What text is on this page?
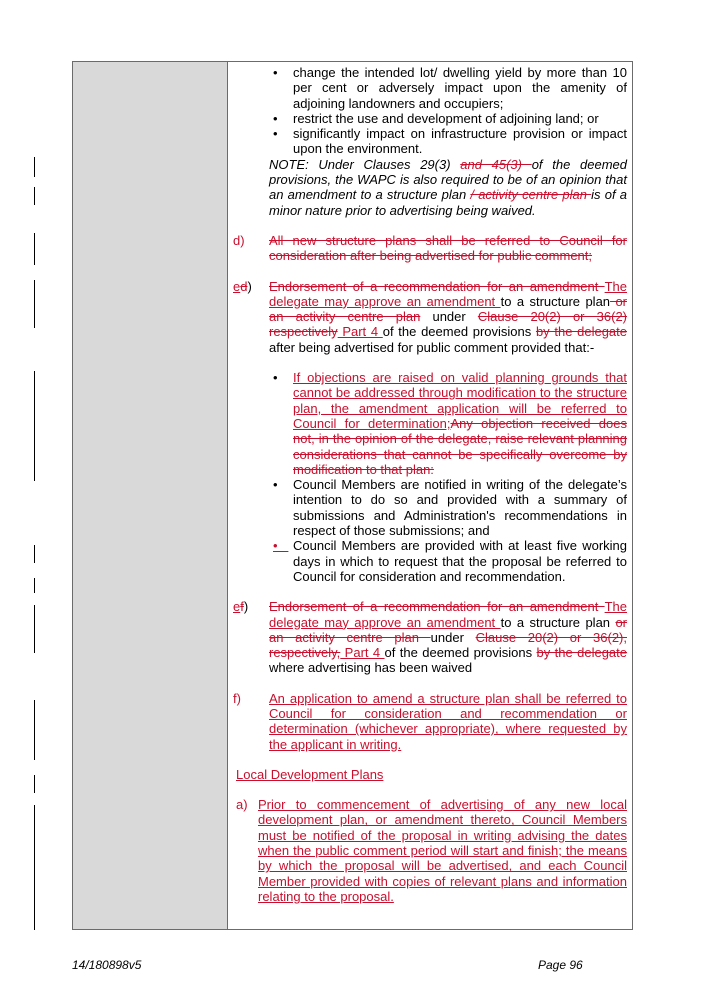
• change the intended lot/ dwelling yield by more than 10 per cent or adversely impact upon the amenity of adjoining landowners and occupiers;

• restrict the use and development of adjoining land; or

• significantly impact on infrastructure provision or impact upon the environment.

NOTE: Under Clauses 29(3) and 45(3) of the deemed provisions, the WAPC is also required to be of an opinion that an amendment to a structure plan / activity centre plan is of a minor nature prior to advertising being waived.

d) All new structure plans shall be referred to Council for consideration after being advertised for public comment;

ed) Endorsement of a recommendation for an amendment The delegate may approve an amendment to a structure plan or an activity centre plan under Clause 20(2) or 36(2) respectively Part 4 of the deemed provisions by the delegate after being advertised for public comment provided that:-

• If objections are raised on valid planning grounds that cannot be addressed through modification to the structure plan, the amendment application will be referred to Council for determination;Any objection received does not, in the opinion of the delegate, raise relevant planning considerations that cannot be specifically overcome by modification to that plan:

• Council Members are notified in writing of the delegate’s intention to do so and provided with a summary of submissions and Administration's recommendations in respect of those submissions; and

• Council Members are provided with at least five working days in which to request that the proposal be referred to Council for consideration and recommendation.

ef) Endorsement of a recommendation for an amendment The delegate may approve an amendment to a structure plan or an activity centre plan under Clause 20(2) or 36(2), respectively, Part 4 of the deemed provisions by the delegate where advertising has been waived

f) An application to amend a structure plan shall be referred to Council for consideration and recommendation or determination (whichever appropriate), where requested by the applicant in writing.

Local Development Plans

a) Prior to commencement of advertising of any new local development plan, or amendment thereto, Council Members must be notified of the proposal in writing advising the dates when the public comment period will start and finish; the means by which the proposal will be advertised, and each Council Member provided with copies of relevant plans and information relating to the proposal.

14/180898v5	Page 96
